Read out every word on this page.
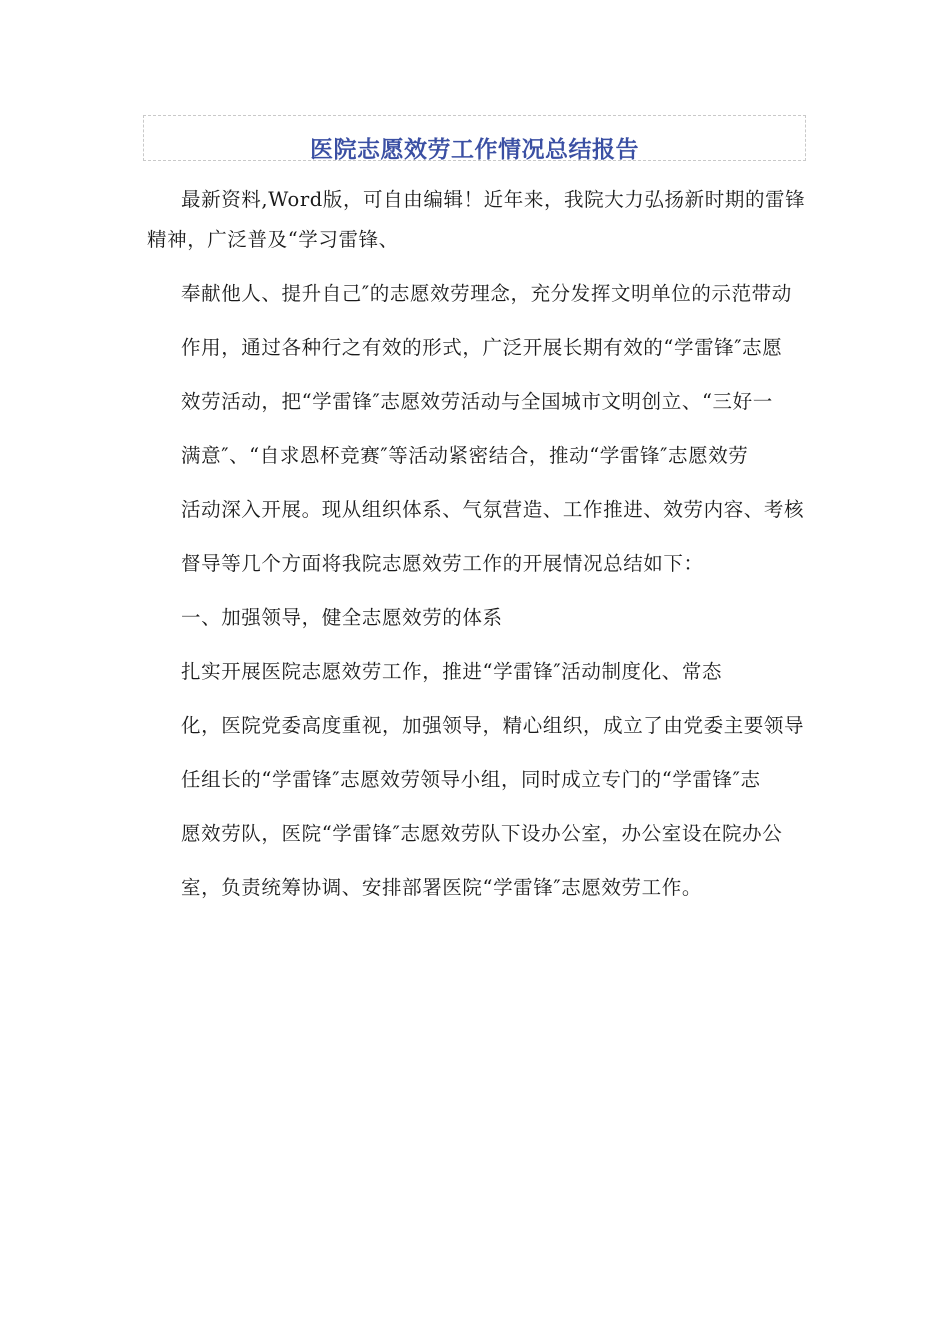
医院志愿效劳工作情况总结报告

最新资料,Word版，可自由编辑！近年来，我院大力弘扬新时期的雷锋精神，广泛普及“学习雷锋、

奉献他人、提升自己″的志愿效劳理念，充分发挥文明单位的示范带动

作用，通过各种行之有效的形式，广泛开展长期有效的“学雷锋″志愿

效劳活动，把“学雷锋″志愿效劳活动与全国城市文明创立、“三好一

满意″、“自求恩杯竞赛″等活动紧密结合，推动“学雷锋″志愿效劳

活动深入开展。现从组织体系、气氛营造、工作推进、效劳内容、考核

督导等几个方面将我院志愿效劳工作的开展情况总结如下：

一、加强领导，健全志愿效劳的体系

扎实开展医院志愿效劳工作，推进“学雷锋″活动制度化、常态

化，医院党委高度重视，加强领导，精心组织，成立了由党委主要领导

任组长的“学雷锋″志愿效劳领导小组，同时成立专门的“学雷锋″志

愿效劳队，医院“学雷锋″志愿效劳队下设办公室，办公室设在院办公

室，负责统筹协调、安排部署医院“学雷锋″志愿效劳工作。
